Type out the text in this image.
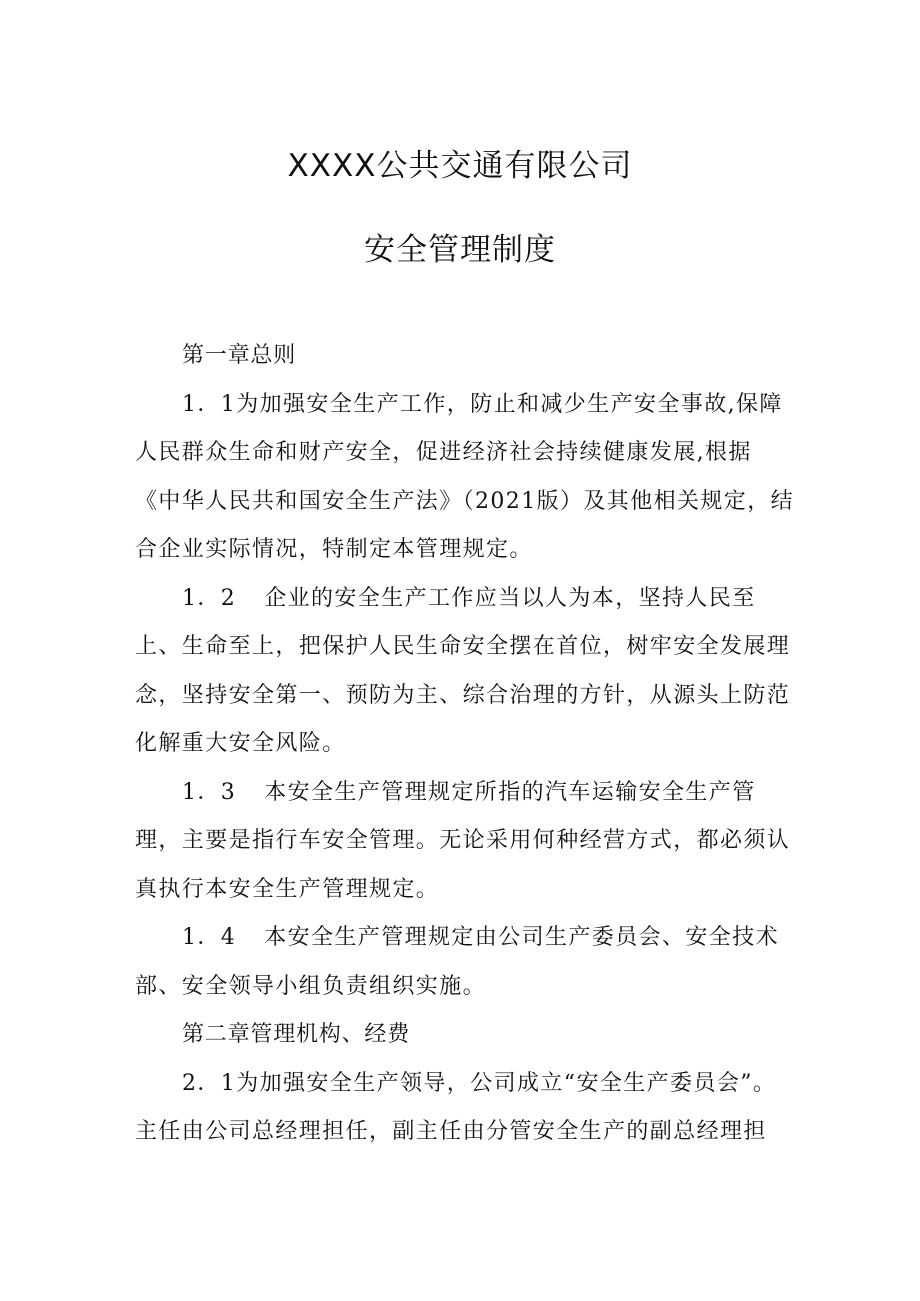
XXXX公共交通有限公司
安全管理制度
第一章总则
1．1为加强安全生产工作，防止和减少生产安全事故,保障
人民群众生命和财产安全，促进经济社会持续健康发展,根据
《中华人民共和国安全生产法》（2021版）及其他相关规定，结
合企业实际情况，特制定本管理规定。
1．2 企业的安全生产工作应当以人为本，坚持人民至
上、生命至上，把保护人民生命安全摆在首位，树牢安全发展理
念，坚持安全第一、预防为主、综合治理的方针，从源头上防范
化解重大安全风险。
1．3 本安全生产管理规定所指的汽车运输安全生产管
理，主要是指行车安全管理。无论采用何种经营方式，都必须认
真执行本安全生产管理规定。
1．4 本安全生产管理规定由公司生产委员会、安全技术
部、安全领导小组负责组织实施。
第二章管理机构、经费
2．1为加强安全生产领导，公司成立“安全生产委员会”。
主任由公司总经理担任，副主任由分管安全生产的副总经理担
